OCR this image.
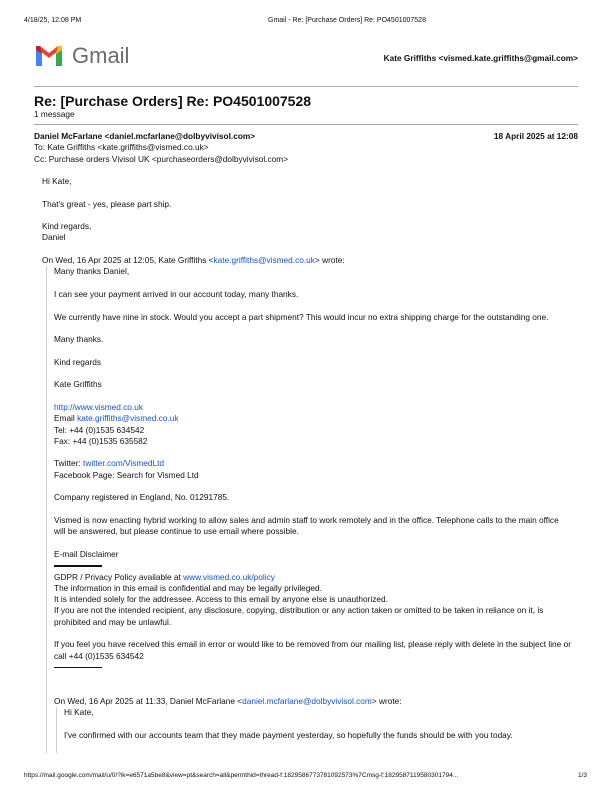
4/18/25, 12:08 PM	Gmail - Re: [Purchase Orders] Re: PO4501007528
Gmail	Kate Griffiths <vismed.kate.griffiths@gmail.com>
Re: [Purchase Orders] Re: PO4501007528
1 message
Daniel McFarlane <daniel.mcfarlane@dolbyvivisol.com>	18 April 2025 at 12:08
To: Kate Griffiths <kate.griffiths@vismed.co.uk>
Cc: Purchase orders Vivisol UK <purchaseorders@dolbyvivisol.com>
Hi Kate,
That's great - yes, please part ship.
Kind regards,
Daniel
On Wed, 16 Apr 2025 at 12:05, Kate Griffiths <kate.griffiths@vismed.co.uk> wrote:
Many thanks Daniel,
I can see your payment arrived in our account today, many thanks.
We currently have nine in stock. Would you accept a part shipment? This would incur no extra shipping charge for the outstanding one.
Many thanks.
Kind regards
Kate Griffiths
http://www.vismed.co.uk
Email kate.griffiths@vismed.co.uk
Tel: +44 (0)1535 634542
Fax: +44 (0)1535 635582
Twitter: twitter.com/VismedLtd
Facebook Page: Search for Vismed Ltd
Company registered in England, No. 01291785.
Vismed is now enacting hybrid working to allow sales and admin staff to work remotely and in the office. Telephone calls to the main office will be answered, but please continue to use email where possible.
E-mail Disclaimer
GDPR / Privacy Policy available at www.vismed.co.uk/policy
The information in this email is confidential and may be legally privileged.
It is intended solely for the addressee. Access to this email by anyone else is unauthorized.
If you are not the intended recipient, any disclosure, copying, distribution or any action taken or omitted to be taken in reliance on it, is prohibited and may be unlawful.
If you feel you have received this email in error or would like to be removed from our mailing list, please reply with delete in the subject line or call +44 (0)1535 634542
On Wed, 16 Apr 2025 at 11:33, Daniel McFarlane <daniel.mcfarlane@dolbyvivisol.com> wrote:
Hi Kate,
I've confirmed with our accounts team that they made payment yesterday, so hopefully the funds should be with you today.
https://mail.google.com/mail/u/0/?ik=e6571a5be8&view=pt&search=all&permthid=thread-f:1829586773781092573%7Cmsg-f:1829587119580301794...	1/3
